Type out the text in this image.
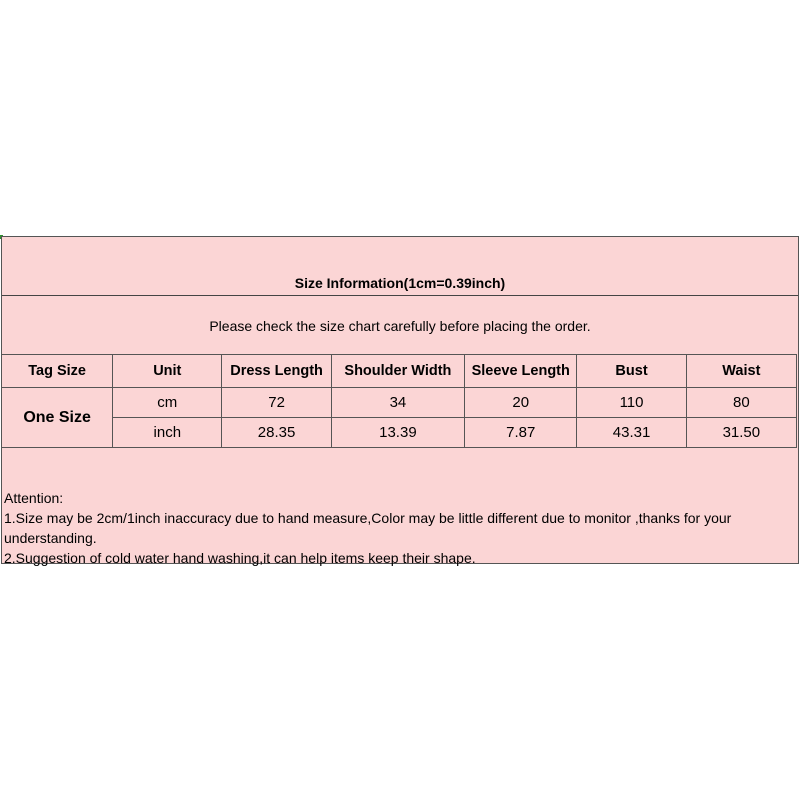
Size Information(1cm=0.39inch)
Please check the size chart carefully before placing the order.
Tag Size	Unit	Dress Length	Shoulder Width	Sleeve Length	Bust	Waist
One Size	cm	72	34	20	110	80
	inch	28.35	13.39	7.87	43.31	31.50
Attention:
1.Size may be 2cm/1inch inaccuracy due to hand measure,Color may be little different due to monitor ,thanks for your understanding.
2.Suggestion of cold water hand washing,it can help items keep their shape.
